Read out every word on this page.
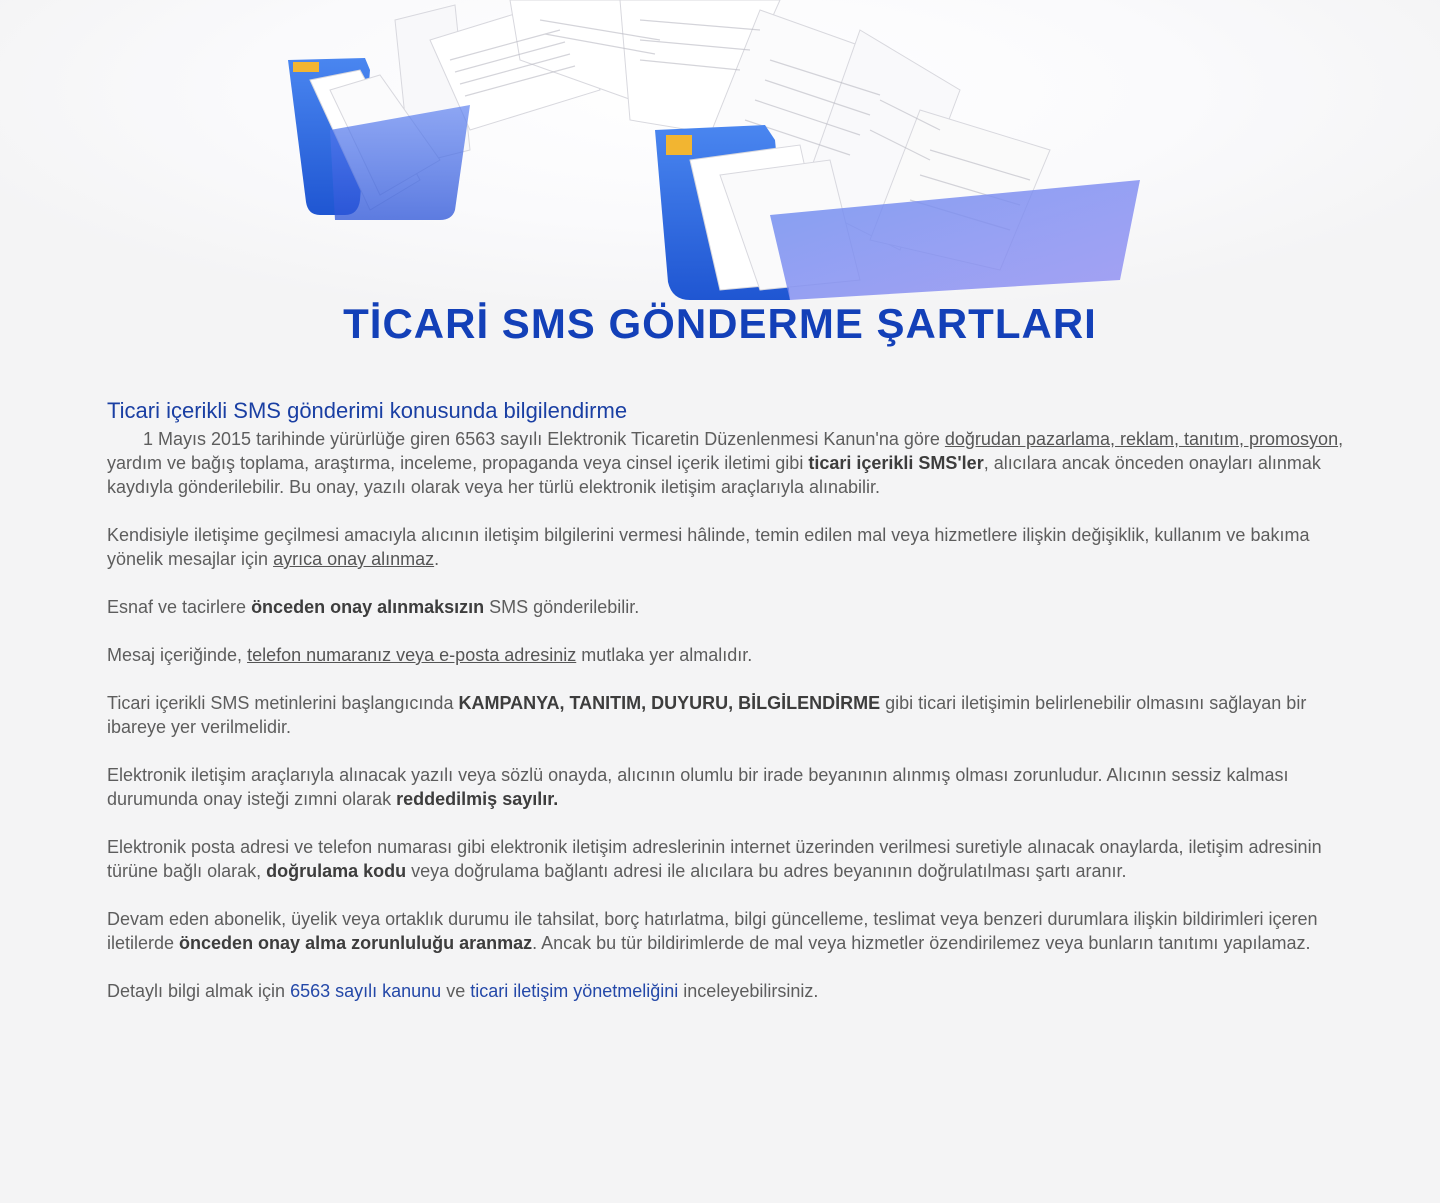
TİCARİ SMS GÖNDERME ŞARTLARI
Ticari içerikli SMS gönderimi konusunda bilgilendirme

1 Mayıs 2015 tarihinde yürürlüğe giren 6563 sayılı Elektronik Ticaretin Düzenlenmesi Kanun'na göre doğrudan pazarlama, reklam, tanıtım, promosyon, yardım ve bağış toplama, araştırma, inceleme, propaganda veya cinsel içerik iletimi gibi ticari içerikli SMS'ler, alıcılara ancak önceden onayları alınmak kaydıyla gönderilebilir. Bu onay, yazılı olarak veya her türlü elektronik iletişim araçlarıyla alınabilir.

Kendisiyle iletişime geçilmesi amacıyla alıcının iletişim bilgilerini vermesi hâlinde, temin edilen mal veya hizmetlere ilişkin değişiklik, kullanım ve bakıma yönelik mesajlar için ayrıca onay alınmaz.

Esnaf ve tacirlere önceden onay alınmaksızın SMS gönderilebilir.

Mesaj içeriğinde, telefon numaranız veya e-posta adresiniz mutlaka yer almalıdır.

Ticari içerikli SMS metinlerini başlangıcında KAMPANYA, TANITIM, DUYURU, BİLGİLENDİRME gibi ticari iletişimin belirlenebilir olmasını sağlayan bir ibareye yer verilmelidir.

Elektronik iletişim araçlarıyla alınacak yazılı veya sözlü onayda, alıcının olumlu bir irade beyanının alınmış olması zorunludur. Alıcının sessiz kalması durumunda onay isteği zımni olarak reddedilmiş sayılır.

Elektronik posta adresi ve telefon numarası gibi elektronik iletişim adreslerinin internet üzerinden verilmesi suretiyle alınacak onaylarda, iletişim adresinin türüne bağlı olarak, doğrulama kodu veya doğrulama bağlantı adresi ile alıcılara bu adres beyanının doğrulatılması şartı aranır.

Devam eden abonelik, üyelik veya ortaklık durumu ile tahsilat, borç hatırlatma, bilgi güncelleme, teslimat veya benzeri durumlara ilişkin bildirimleri içeren iletilerde önceden onay alma zorunluluğu aranmaz. Ancak bu tür bildirimlerde de mal veya hizmetler özendirilemez veya bunların tanıtımı yapılamaz.

Detaylı bilgi almak için 6563 sayılı kanunu ve ticari iletişim yönetmeliğini inceleyebilirsiniz.
